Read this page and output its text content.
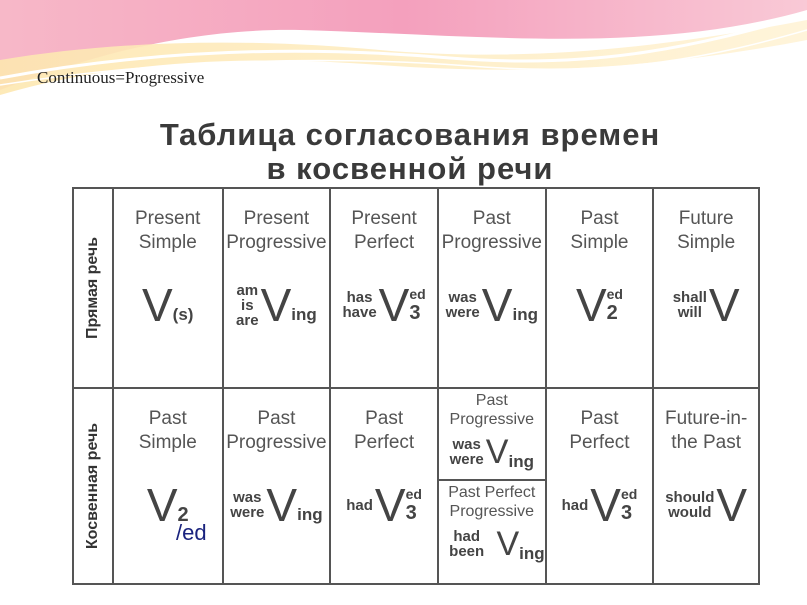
Continuous=Progressive
Таблица согласования времен
в косвенной речи
Прямая речь
Present
Simple
V (s)
Present
Progressive
am
is
are V ing
Present
Perfect
has
have V ed
3
Past
Progressive
was
were V ing
Past
Simple
V ed
2
Future
Simple
shall
will V
Косвенная речь
Past
Simple
V 2
Past
Progressive
was
were V ing
Past
Perfect
had V ed
3
Past
Progressive
was
were V ing
Past Perfect
Progressive
had been V ing
Past
Perfect
had V ed
3
Future-in-
the Past
should
would V
/ed
